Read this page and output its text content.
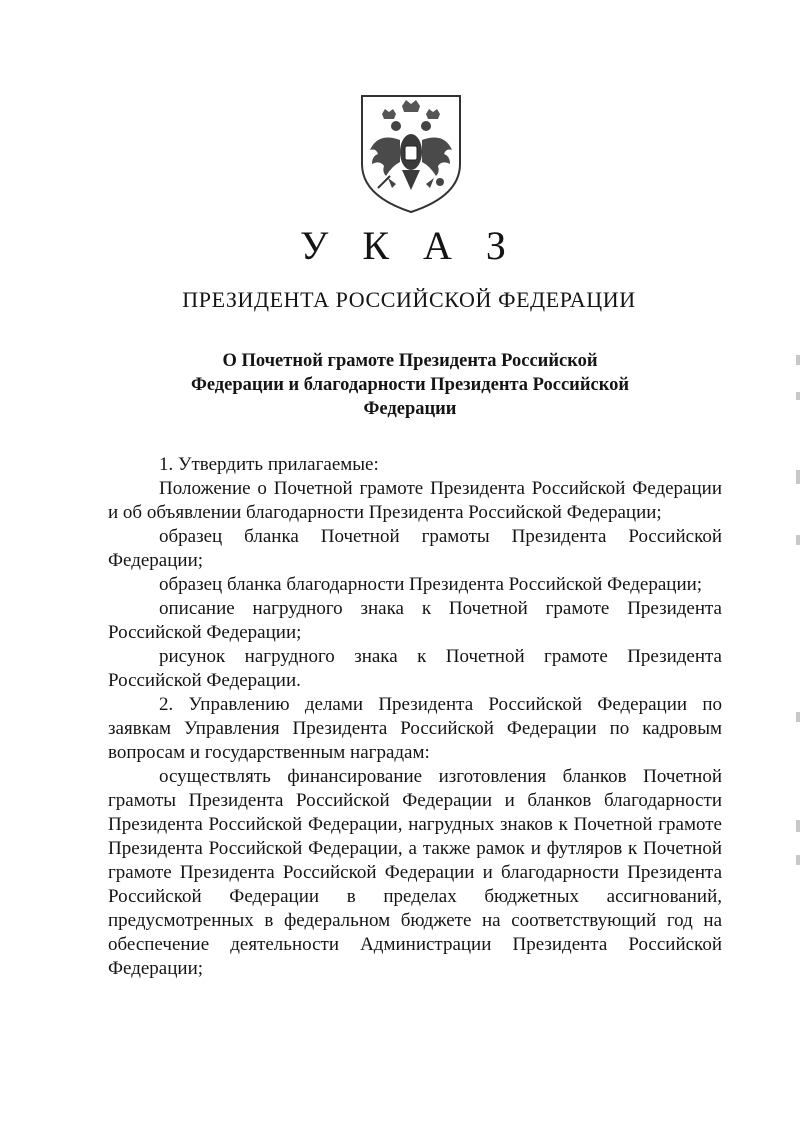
У К А З
ПРЕЗИДЕНТА РОССИЙСКОЙ ФЕДЕРАЦИИ
О Почетной грамоте Президента Российской
Федерации и благодарности Президента Российской
Федерации

1. Утвердить прилагаемые:

Положение о Почетной грамоте Президента Российской Федерации и об объявлении благодарности Президента Российской Федерации;

образец бланка Почетной грамоты Президента Российской Федерации;

образец бланка благодарности Президента Российской Федерации;

описание нагрудного знака к Почетной грамоте Президента Российской Федерации;

рисунок нагрудного знака к Почетной грамоте Президента Российской Федерации.

2. Управлению делами Президента Российской Федерации по заявкам Управления Президента Российской Федерации по кадровым вопросам и государственным наградам:

осуществлять финансирование изготовления бланков Почетной грамоты Президента Российской Федерации и бланков благодарности Президента Российской Федерации, нагрудных знаков к Почетной грамоте Президента Российской Федерации, а также рамок и футляров к Почетной грамоте Президента Российской Федерации и благодарности Президента Российской Федерации в пределах бюджетных ассигнований, предусмотренных в федеральном бюджете на соответствующий год на обеспечение деятельности Администрации Президента Российской Федерации;
